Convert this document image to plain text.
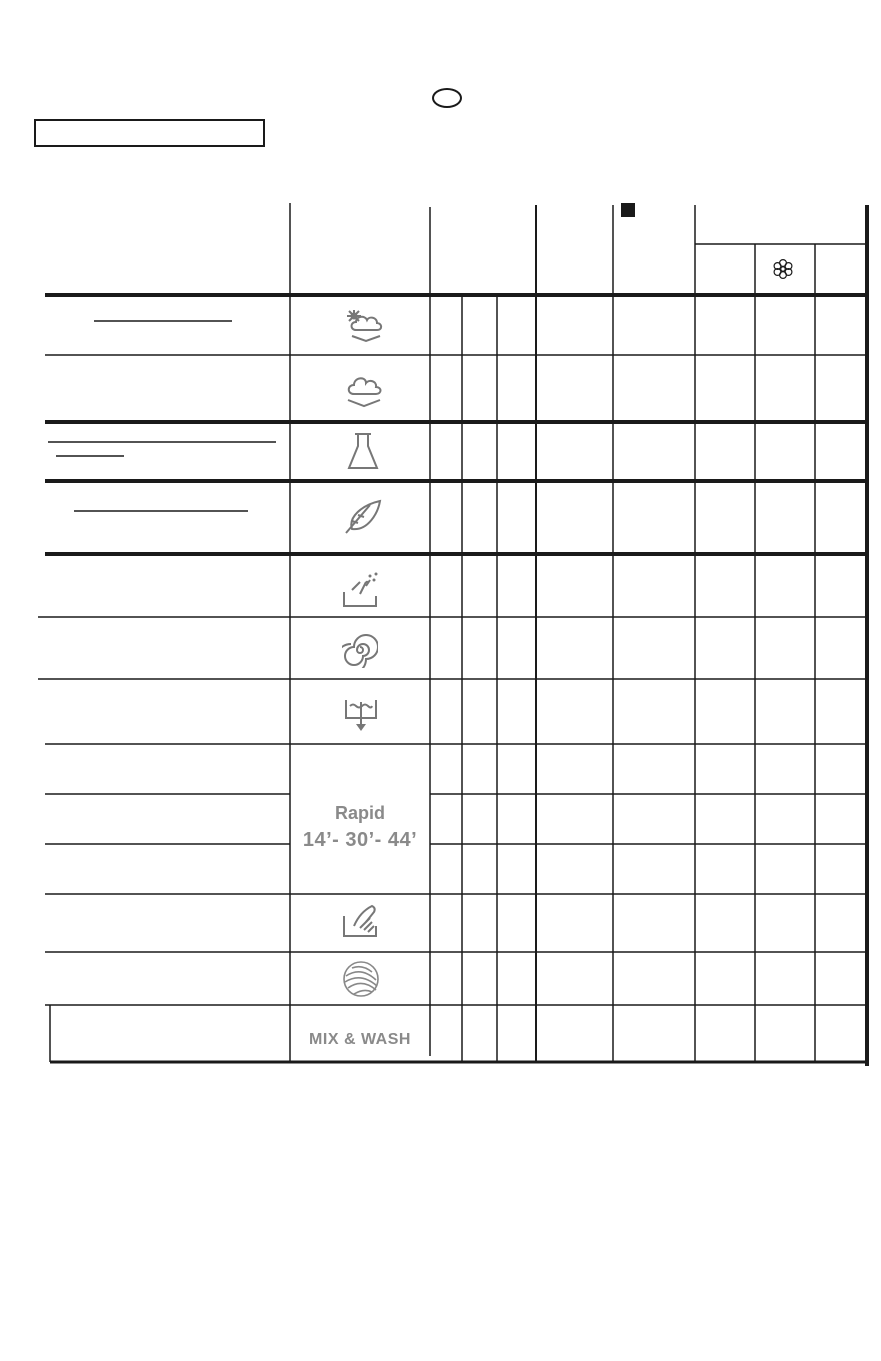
Rapid
14’- 30’- 44’
MIX & WASH
